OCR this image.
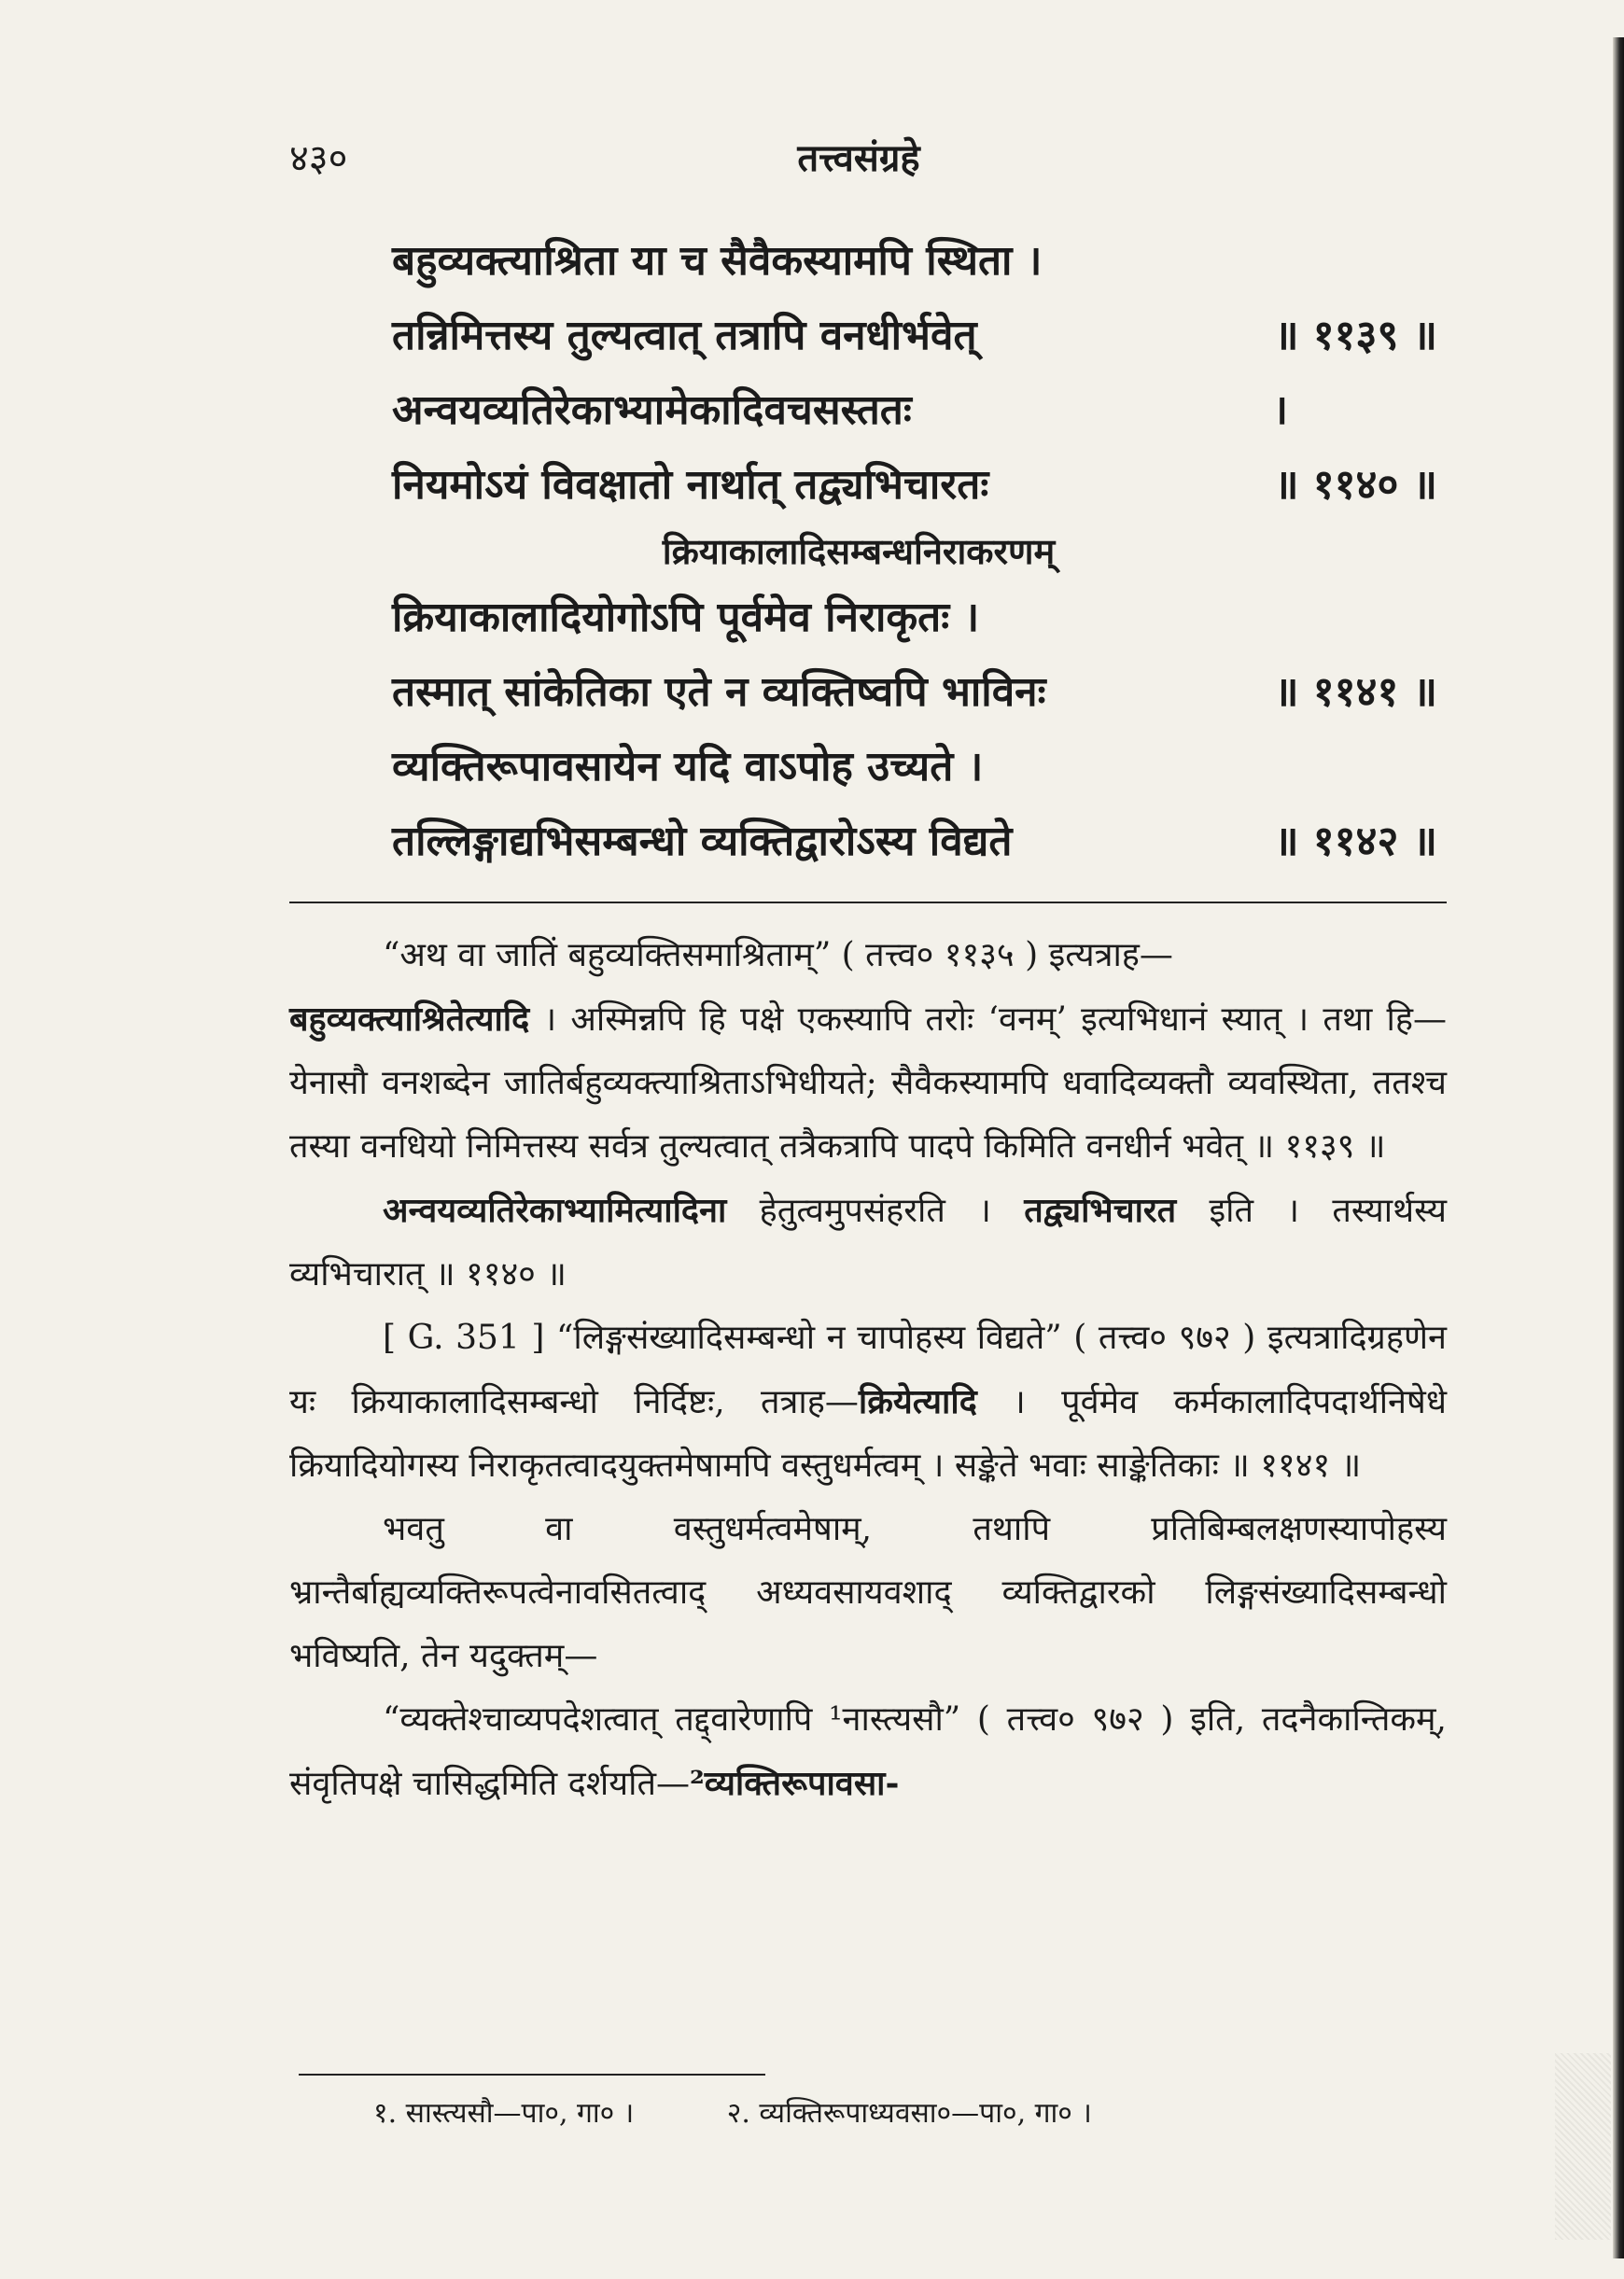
४३०	तत्त्वसंग्रहे
बहुव्यक्त्याश्रिता या च सैवैकस्यामपि स्थिता ।
तन्निमित्तस्य तुल्यत्वात् तत्रापि वनधीर्भवेत्	॥ ११३९ ॥
अन्वयव्यतिरेकाभ्यामेकादिवचसस्ततः	।
नियमोऽयं विवक्षातो नार्थात् तद्व्यभिचारतः	॥ ११४० ॥
क्रियाकालादिसम्बन्धनिराकरणम्
क्रियाकालादियोगोऽपि पूर्वमेव निराकृतः ।
तस्मात् सांकेतिका एते न व्यक्तिष्वपि भाविनः	॥ ११४१ ॥
व्यक्तिरूपावसायेन यदि वाऽपोह उच्यते ।
तल्लिङ्गाद्यभिसम्बन्धो व्यक्तिद्वारोऽस्य विद्यते	॥ ११४२ ॥

“अथ वा जातिं बहुव्यक्तिसमाश्रिताम्” ( तत्त्व० ११३५ ) इत्यत्राह—
बहुव्यक्त्याश्रितेत्यादि । अस्मिन्नपि हि पक्षे एकस्यापि तरोः ‘वनम्’ इत्यभिधानं स्यात् । तथा हि—येनासौ वनशब्देन जातिर्बहुव्यक्त्याश्रिताऽभिधीयते; सैवैकस्यामपि धवादिव्यक्तौ व्यवस्थिता, ततश्च तस्या वनधियो निमित्तस्य सर्वत्र तुल्यत्वात् तत्रैकत्रापि पादपे किमिति वनधीर्न भवेत् ॥ ११३९ ॥

अन्वयव्यतिरेकाभ्यामित्यादिना हेतुत्वमुपसंहरति । तद्व्यभिचारत इति । तस्यार्थस्य व्यभिचारात् ॥ ११४० ॥

[ G. 351 ] “लिङ्गसंख्यादिसम्बन्धो न चापोहस्य विद्यते” ( तत्त्व० ९७२ ) इत्यत्रादिग्रहणेन यः क्रियाकालादिसम्बन्धो निर्दिष्टः, तत्राह—क्रियेत्यादि । पूर्वमेव कर्मकालादिपदार्थनिषेधे क्रियादियोगस्य निराकृतत्वादयुक्तमेषामपि वस्तुधर्मत्वम् । सङ्केते भवाः साङ्केतिकाः ॥ ११४१ ॥

भवतु वा वस्तुधर्मत्वमेषाम्, तथापि प्रतिबिम्बलक्षणस्यापोहस्य भ्रान्तैर्बाह्यव्यक्तिरूपत्वेनावसितत्वाद् अध्यवसायवशाद् व्यक्तिद्वारको लिङ्गसंख्यादिसम्बन्धो भविष्यति, तेन यदुक्तम्—

“व्यक्तेश्चाव्यपदेशत्वात् तद्द्वारेणापि ¹नास्त्यसौ” ( तत्त्व० ९७२ ) इति, तदनैकान्तिकम्, संवृतिपक्षे चासिद्धमिति दर्शयति—²व्यक्तिरूपावसा-

१. सास्त्यसौ—पा०, गा० ।	२. व्यक्तिरूपाध्यवसा०—पा०, गा० ।
